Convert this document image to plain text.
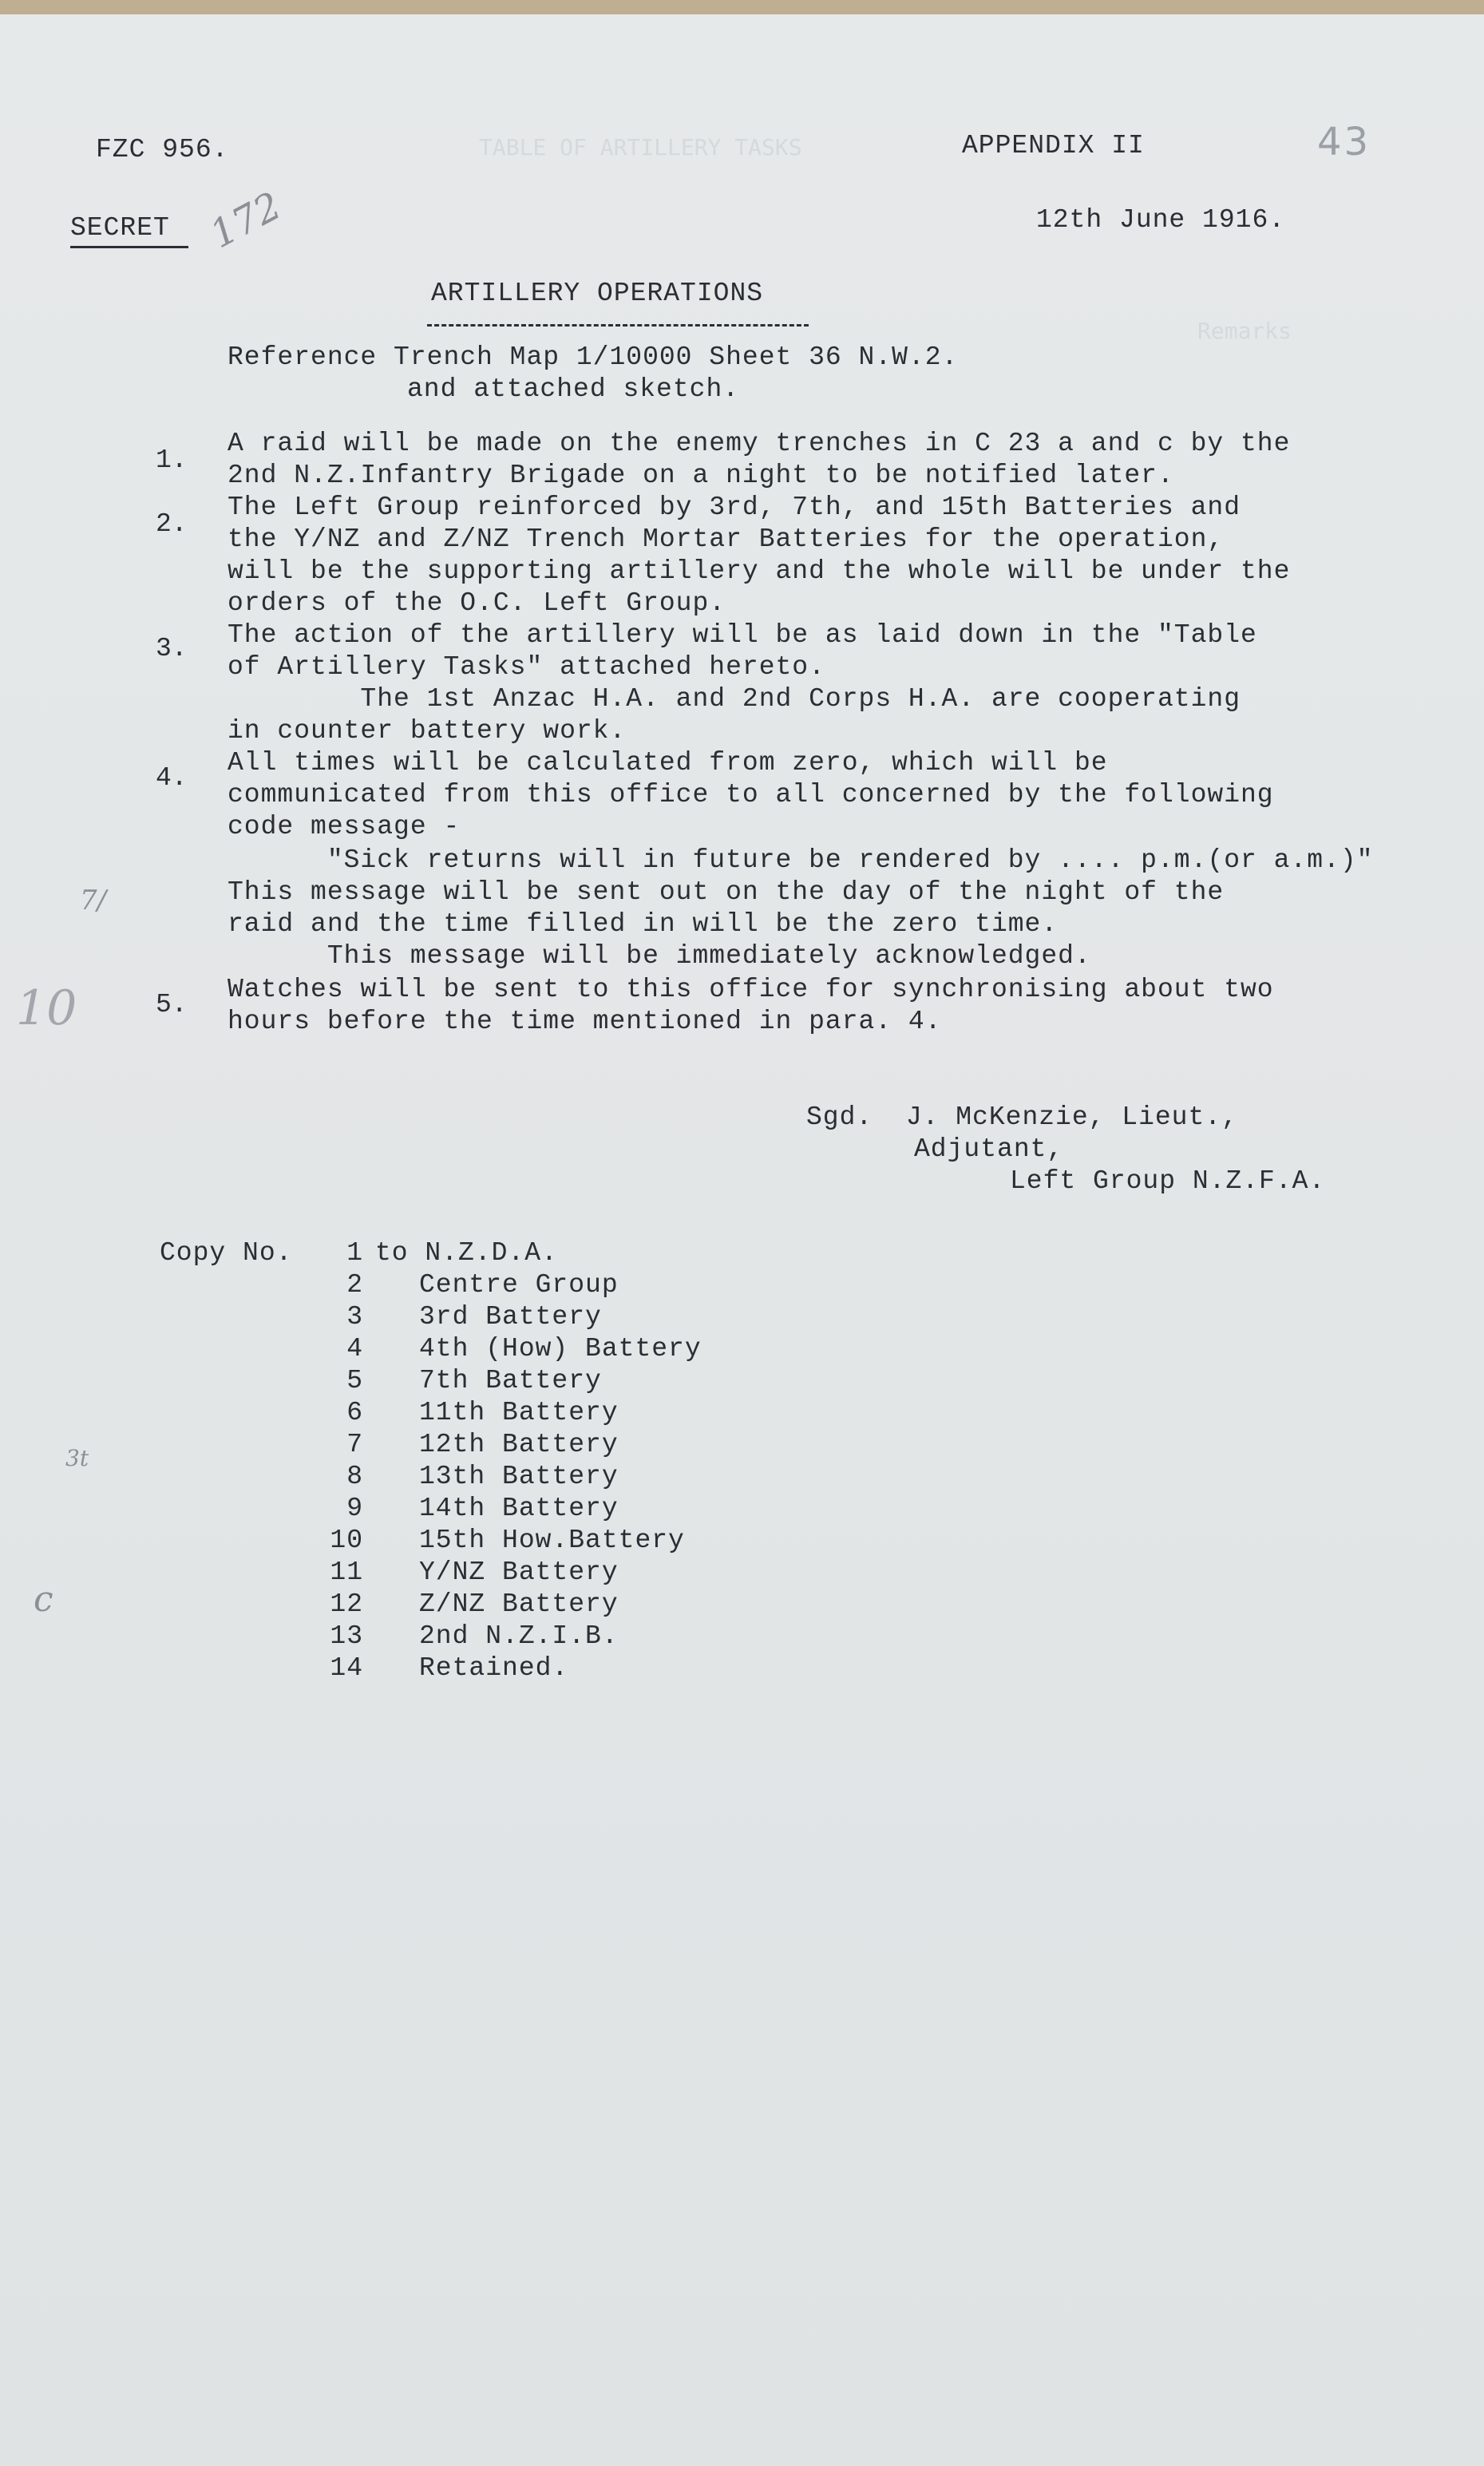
TABLE OF ARTILLERY TASKS
Remarks
FZC 956.	APPENDIX II	43
SECRET 172	12th June 1916.
ARTILLERY OPERATIONS
Reference Trench Map 1/10000 Sheet 36 N.W.2.
and attached sketch.
1.
A raid will be made on the enemy trenches in C 23 a and c by the
2nd N.Z.Infantry Brigade on a night to be notified later.
2.
The Left Group reinforced by 3rd, 7th, and 15th Batteries and
the Y/NZ and Z/NZ Trench Mortar Batteries for the operation,
will be the supporting artillery and the whole will be under the
orders of the O.C. Left Group.
3. The action of the artillery will be as laid down in the "Table
of Artillery Tasks" attached hereto.
The 1st Anzac H.A. and 2nd Corps H.A. are cooperating
in counter battery work.
4.
All times will be calculated from zero, which will be
communicated from this office to all concerned by the following
code message -
"Sick returns will in future be rendered by .... p.m.(or a.m.)"
This message will be sent out on the day of the night of the
raid and the time filled in will be the zero time.
This message will be immediately acknowledged.
5.
Watches will be sent to this office for synchronising about two
hours before the time mentioned in para. 4.
Sgd.  J. McKenzie, Lieut.,
Adjutant,
Left Group N.Z.F.A.
Copy No.	1 to N.Z.D.A.
2 Centre Group
3 3rd Battery
4 4th (How) Battery
5 7th Battery
6 11th Battery
7 12th Battery
8 13th Battery
9 14th Battery
10 15th How.Battery
11 Y/NZ Battery
12 Z/NZ Battery
13 2nd N.Z.I.B.
14 Retained.
7/
10
3t
c
